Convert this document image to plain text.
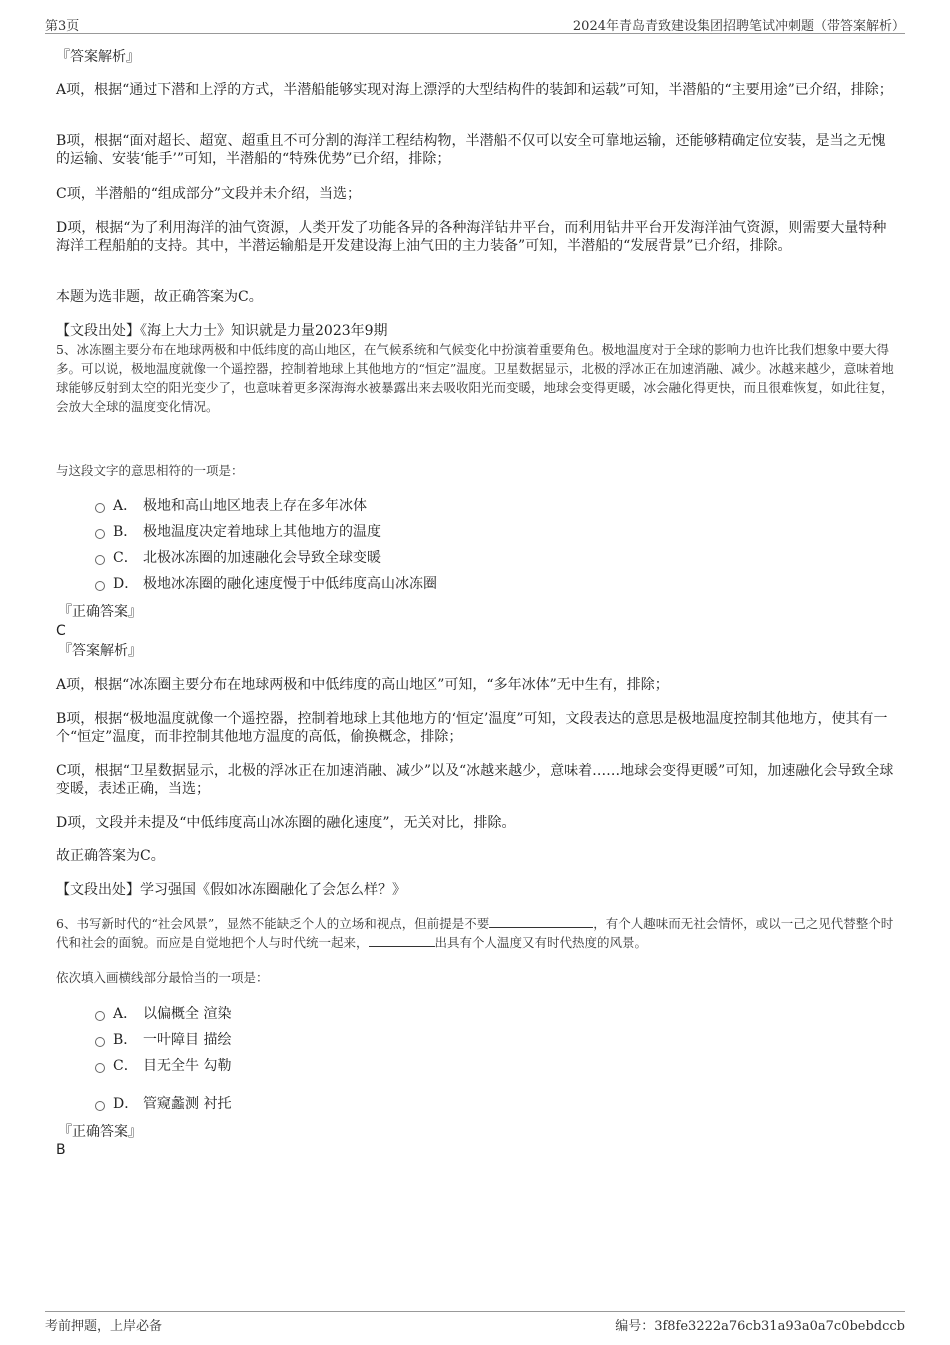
第3页	2024年青岛青致建设集团招聘笔试冲刺题（带答案解析）
『答案解析』
A项，根据“通过下潜和上浮的方式，半潜船能够实现对海上漂浮的大型结构件的装卸和运载”可知，半潜船的“主要用途”已介绍，排除；
B项，根据“面对超长、超宽、超重且不可分割的海洋工程结构物，半潜船不仅可以安全可靠地运输，还能够精确定位安装，是当之无愧的运输、安装‘能手’”可知，半潜船的“特殊优势”已介绍，排除；
C项，半潜船的“组成部分”文段并未介绍，当选；
D项，根据“为了利用海洋的油气资源，人类开发了功能各异的各种海洋钻井平台，而利用钻井平台开发海洋油气资源，则需要大量特种海洋工程船舶的支持。其中，半潜运输船是开发建设海上油气田的主力装备”可知，半潜船的“发展背景”已介绍，排除。
本题为选非题，故正确答案为C。
【文段出处】《海上大力士》知识就是力量2023年9期
5、冰冻圈主要分布在地球两极和中低纬度的高山地区，在气候系统和气候变化中扮演着重要角色。极地温度对于全球的影响力也许比我们想象中要大得多。可以说，极地温度就像一个遥控器，控制着地球上其他地方的“恒定”温度。卫星数据显示，北极的浮冰正在加速消融、减少。冰越来越少，意味着地球能够反射到太空的阳光变少了，也意味着更多深海海水被暴露出来去吸收阳光而变暖，地球会变得更暖，冰会融化得更快，而且很难恢复，如此往复，会放大全球的温度变化情况。
与这段文字的意思相符的一项是：
A． 极地和高山地区地表上存在多年冰体
B． 极地温度决定着地球上其他地方的温度
C． 北极冰冻圈的加速融化会导致全球变暖
D． 极地冰冻圈的融化速度慢于中低纬度高山冰冻圈
『正确答案』
C
『答案解析』
A项，根据“冰冻圈主要分布在地球两极和中低纬度的高山地区”可知，“多年冰体”无中生有，排除；
B项，根据“极地温度就像一个遥控器，控制着地球上其他地方的‘恒定’温度”可知，文段表达的意思是极地温度控制其他地方，使其有一个“恒定”温度，而非控制其他地方温度的高低，偷换概念，排除；
C项，根据“卫星数据显示，北极的浮冰正在加速消融、减少”以及“冰越来越少，意味着……地球会变得更暖”可知，加速融化会导致全球变暖，表述正确，当选；
D项，文段并未提及“中低纬度高山冰冻圈的融化速度”，无关对比，排除。
故正确答案为C。
【文段出处】学习强国《假如冰冻圈融化了会怎么样？》
6、书写新时代的“社会风景”，显然不能缺乏个人的立场和视点，但前提是不要	，有个人趣味而无社会情怀，或以一己之见代替整个时代和社会的面貌。而应是自觉地把个人与时代统一起来，	出具有个人温度又有时代热度的风景。
依次填入画横线部分最恰当的一项是：
A． 以偏概全 渲染
B． 一叶障目 描绘
C． 目无全牛 勾勒
D． 管窥蠡测 衬托
『正确答案』
B
考前押题，上岸必备	编号：3f8fe3222a76cb31a93a0a7c0bebdccb
